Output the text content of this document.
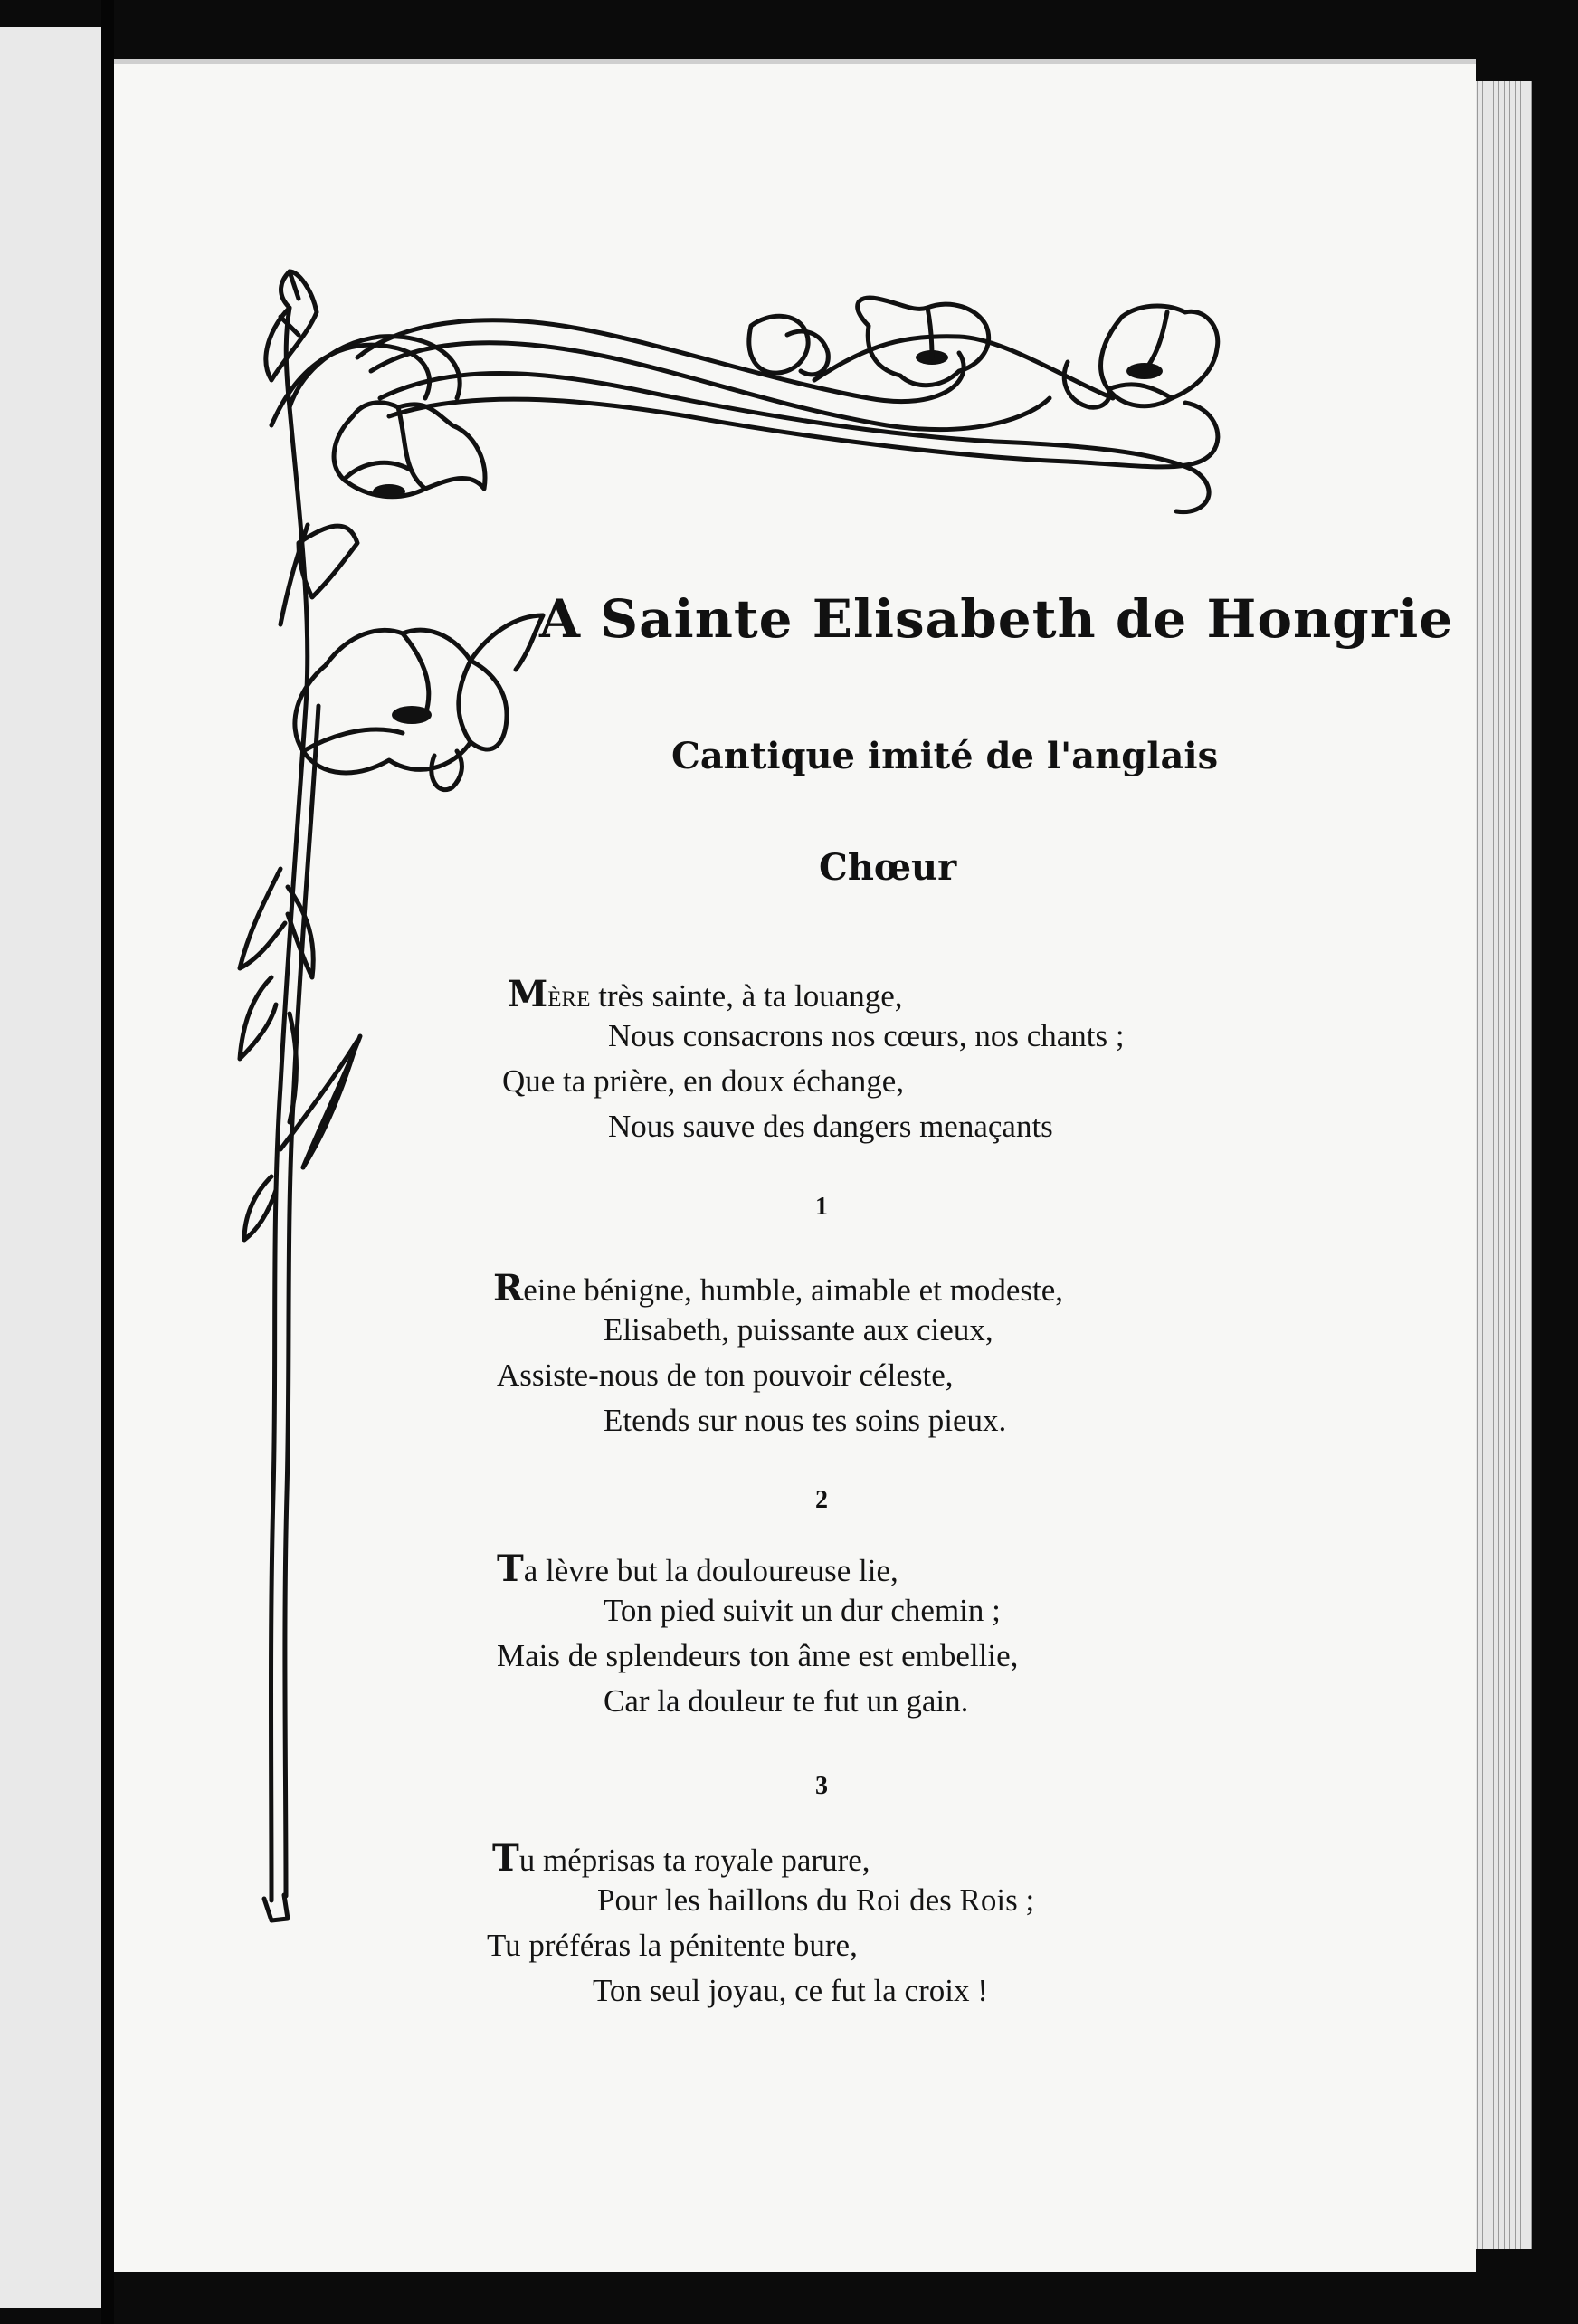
A Sainte Elisabeth de Hongrie
Cantique imité de l'anglais
Chœur
Mère très sainte, à ta louange,
Nous consacrons nos cœurs, nos chants ;
Que ta prière, en doux échange,
Nous sauve des dangers menaçants
1
Reine bénigne, humble, aimable et modeste,
Elisabeth, puissante aux cieux,
Assiste-nous de ton pouvoir céleste,
Etends sur nous tes soins pieux.
2
Ta lèvre but la douloureuse lie,
Ton pied suivit un dur chemin ;
Mais de splendeurs ton âme est embellie,
Car la douleur te fut un gain.
3
Tu méprisas ta royale parure,
Pour les haillons du Roi des Rois ;
Tu préféras la pénitente bure,
Ton seul joyau, ce fut la croix !
